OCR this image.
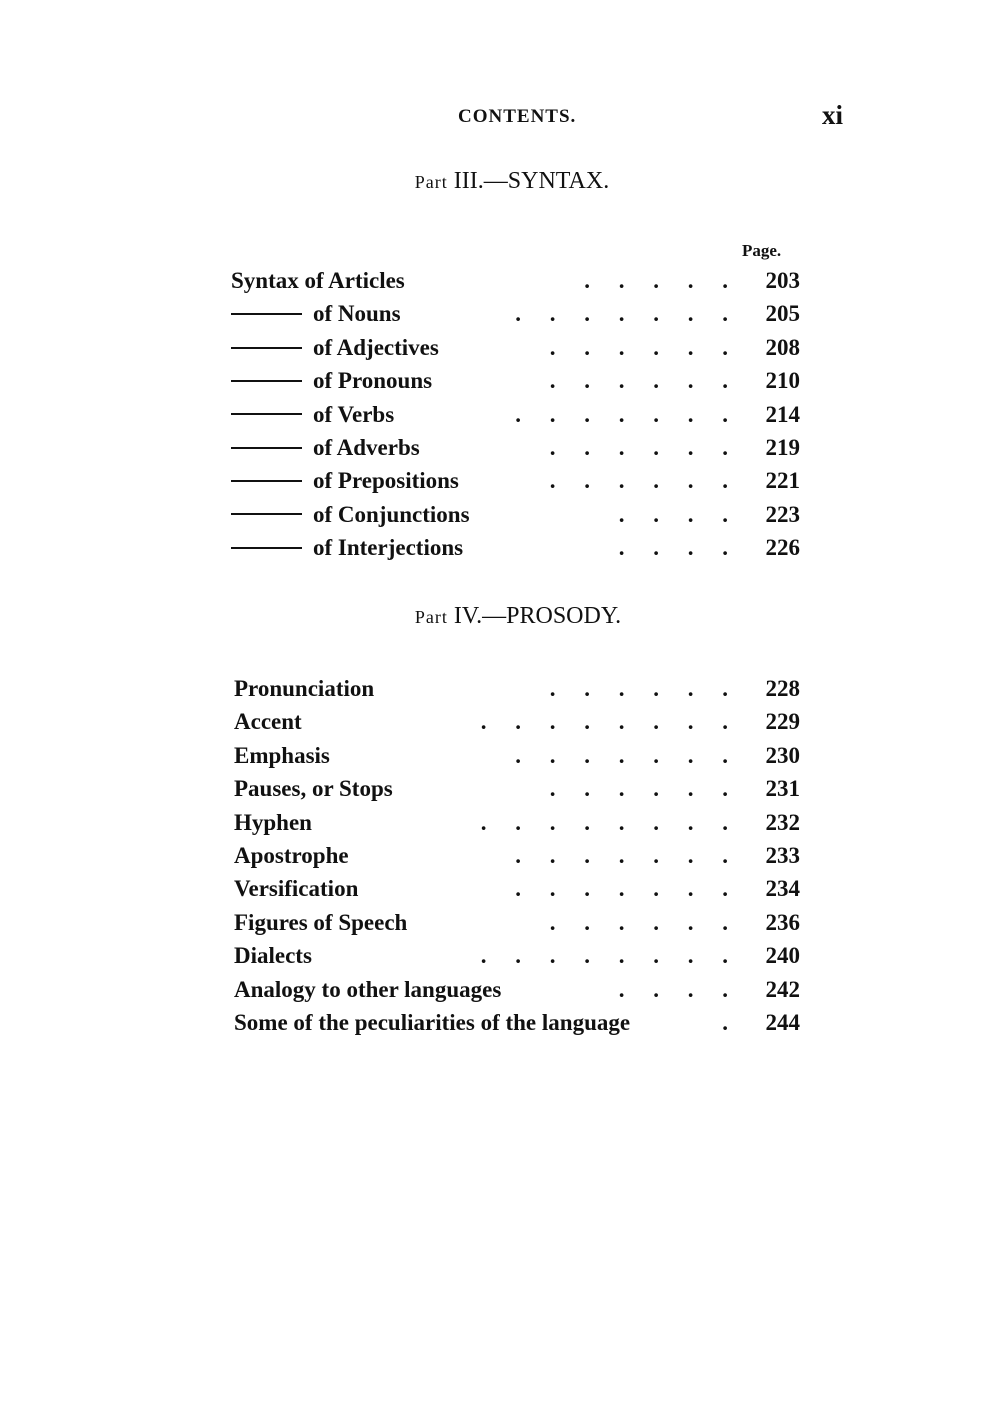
CONTENTS.	xi
Part III.—SYNTAX.
Page.
Syntax of Articles	.     .     .     .     .	203
of Nouns	.     .     .     .     .     .     .	205
of Adjectives	.     .     .     .     .     .	208
of Pronouns	.     .     .     .     .     .	210
of Verbs	.     .     .     .     .     .     .	214
of Adverbs	.     .     .     .     .     .	219
of Prepositions	.     .     .     .     .     .	221
of Conjunctions	.     .     .     .	223
of Interjections	.     .     .     .	226
Part IV.—PROSODY.
Pronunciation	.     .     .     .     .     .	228
Accent	.     .     .     .     .     .     .     .	229
Emphasis	.     .     .     .     .     .     .	230
Pauses, or Stops	.     .     .     .     .     .	231
Hyphen	.     .     .     .     .     .     .     .	232
Apostrophe	.     .     .     .     .     .     .	233
Versification	.     .     .     .     .     .     .	234
Figures of Speech	.     .     .     .     .     .	236
Dialects	.     .     .     .     .     .     .     .	240
Analogy to other languages	.     .     .     .	242
Some of the peculiarities of the language	.	244
